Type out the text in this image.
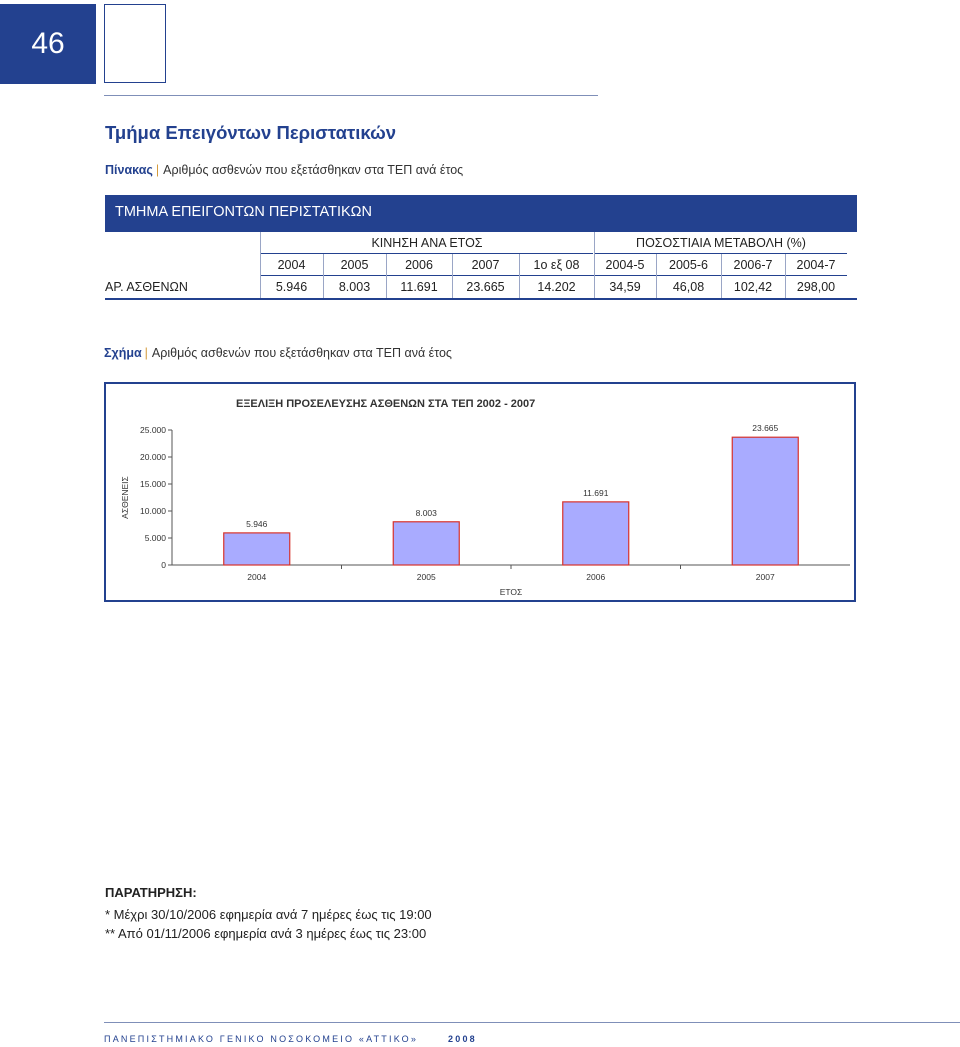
46
Τμήμα Επειγόντων Περιστατικών
Πίνακας | Αριθμός ασθενών που εξετάσθηκαν στα ΤΕΠ ανά έτος
ΤΜΗΜΑ ΕΠΕΙΓΟΝΤΩΝ ΠΕΡΙΣΤΑΤΙΚΩΝ
ΚΙΝΗΣΗ ΑΝΑ ΕΤΟΣ	ΠΟΣΟΣΤΙΑΙΑ ΜΕΤΑΒΟΛΗ (%)
2004	2005	2006	2007	1ο εξ 08	2004-5	2005-6	2006-7	2004-7
ΑΡ. ΑΣΘΕΝΩΝ	5.946	8.003	11.691	23.665	14.202	34,59	46,08	102,42	298,00
Σχήμα | Αριθμός ασθενών που εξετάσθηκαν στα ΤΕΠ ανά έτος
ΕΞΕΛΙΞΗ ΠΡΟΣΕΛΕΥΣΗΣ ΑΣΘΕΝΩΝ ΣΤΑ ΤΕΠ 2002 - 2007
0
5.000
10.000
15.000
20.000
25.000
5.946
2004
8.003
2005
11.691
2006
23.665
2007
ΕΤΟΣ
ΑΣΘΕΝΕΙΣ
ΠΑΡΑΤΗΡΗΣΗ:
* Μέχρι 30/10/2006 εφημερία ανά 7 ημέρες έως τις 19:00
** Από 01/11/2006 εφημερία ανά 3 ημέρες έως τις 23:00
ΠΑΝΕΠΙΣΤΗΜΙΑΚΟ ΓΕΝΙΚΟ ΝΟΣΟΚΟΜΕΙΟ «ΑΤΤΙΚΟ»	2008
